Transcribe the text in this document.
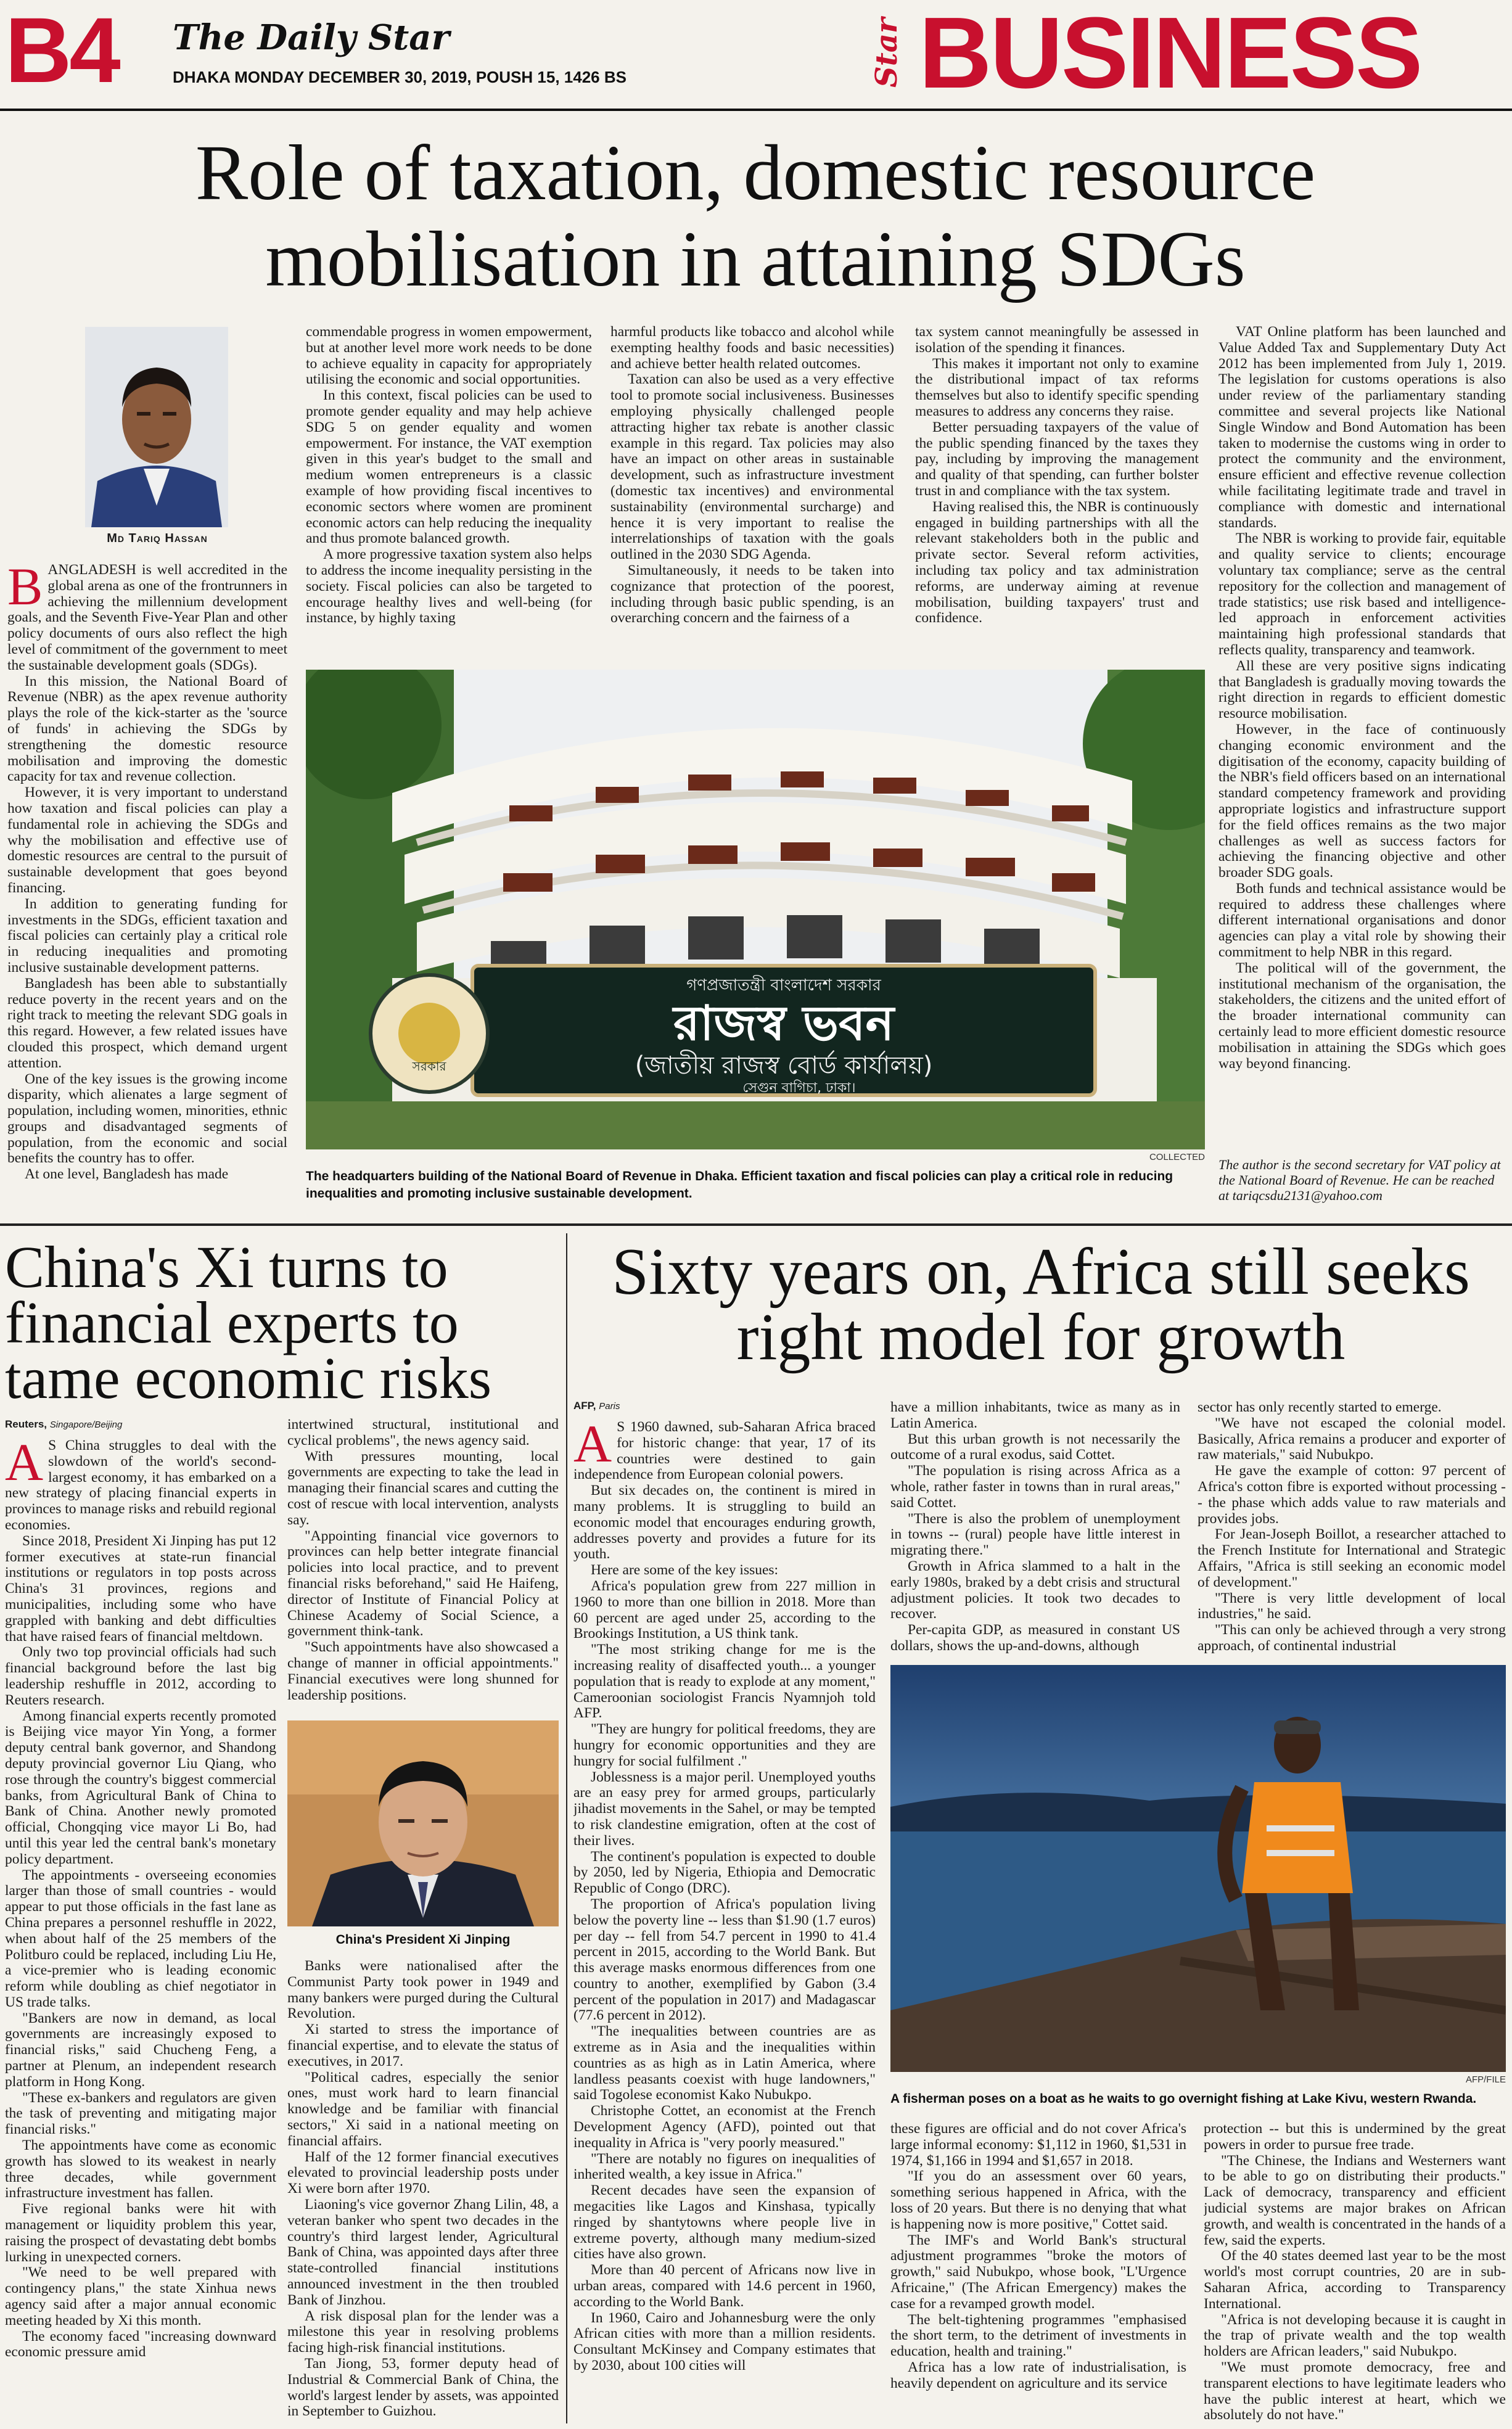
B4 The Daily Star
DHAKA MONDAY DECEMBER 30, 2019, POUSH 15, 1426 BS	Star BUSINESS
Role of taxation, domestic resource mobilisation in attaining SDGs
Md Tariq Hassan
B ANGLADESH is well accredited in the global arena as one of the frontrunners in achieving the millennium development goals, and the Seventh Five-Year Plan and other policy documents of ours also reflect the high level of commitment of the government to meet the sustainable development goals (SDGs).

In this mission, the National Board of Revenue (NBR) as the apex revenue authority plays the role of the kick-starter as the 'source of funds' in achieving the SDGs by strengthening the domestic resource mobilisation and improving the domestic capacity for tax and revenue collection.

However, it is very important to understand how taxation and fiscal policies can play a fundamental role in achieving the SDGs and why the mobilisation and effective use of domestic resources are central to the pursuit of sustainable development that goes beyond financing.

In addition to generating funding for investments in the SDGs, efficient taxation and fiscal policies can certainly play a critical role in reducing inequalities and promoting inclusive sustainable development patterns.

Bangladesh has been able to substantially reduce poverty in the recent years and on the right track to meeting the relevant SDG goals in this regard. However, a few related issues have clouded this prospect, which demand urgent attention.

One of the key issues is the growing income disparity, which alienates a large segment of population, including women, minorities, ethnic groups and disadvantaged segments of population, from the economic and social benefits the country has to offer.

At one level, Bangladesh has made

commendable progress in women empowerment, but at another level more work needs to be done to achieve equality in capacity for appropriately utilising the economic and social opportunities.

In this context, fiscal policies can be used to promote gender equality and may help achieve SDG 5 on gender equality and women empowerment. For instance, the VAT exemption given in this year's budget to the small and medium women entrepreneurs is a classic example of how providing fiscal incentives to economic sectors where women are prominent economic actors can help reducing the inequality and thus promote balanced growth.

A more progressive taxation system also helps to address the income inequality persisting in the society. Fiscal policies can also be targeted to encourage healthy lives and well-being (for instance, by highly taxing

harmful products like tobacco and alcohol while exempting healthy foods and basic necessities) and achieve better health related outcomes.

Taxation can also be used as a very effective tool to promote social inclusiveness. Businesses employing physically challenged people attracting higher tax rebate is another classic example in this regard. Tax policies may also have an impact on other areas in sustainable development, such as infrastructure investment (domestic tax incentives) and environmental sustainability (environmental surcharge) and hence it is very important to realise the interrelationships of taxation with the goals outlined in the 2030 SDG Agenda.

Simultaneously, it needs to be taken into cognizance that protection of the poorest, including through basic public spending, is an overarching concern and the fairness of a

tax system cannot meaningfully be assessed in isolation of the spending it finances.

This makes it important not only to examine the distributional impact of tax reforms themselves but also to identify specific spending measures to address any concerns they raise.

Better persuading taxpayers of the value of the public spending financed by the taxes they pay, including by improving the management and quality of that spending, can further bolster trust in and compliance with the tax system.

Having realised this, the NBR is continuously engaged in building partnerships with all the relevant stakeholders both in the public and private sector. Several reform activities, including tax policy and tax administration reforms, are underway aiming at revenue mobilisation, building taxpayers' trust and confidence.

VAT Online platform has been launched and Value Added Tax and Supplementary Duty Act 2012 has been implemented from July 1, 2019. The legislation for customs operations is also under review of the parliamentary standing committee and several projects like National Single Window and Bond Automation has been taken to modernise the customs wing in order to protect the community and the environment, ensure efficient and effective revenue collection while facilitating legitimate trade and travel in compliance with domestic and international standards.

The NBR is working to provide fair, equitable and quality service to clients; encourage voluntary tax compliance; serve as the central repository for the collection and management of trade statistics; use risk based and intelligence-led approach in enforcement activities maintaining high professional standards that reflects quality, transparency and teamwork.

All these are very positive signs indicating that Bangladesh is gradually moving towards the right direction in regards to efficient domestic resource mobilisation.

However, in the face of continuously changing economic environment and the digitisation of the economy, capacity building of the NBR's field officers based on an international standard competency framework and providing appropriate logistics and infrastructure support for the field offices remains as the two major challenges as well as success factors for achieving the financing objective and other broader SDG goals.

Both funds and technical assistance would be required to address these challenges where different international organisations and donor agencies can play a vital role by showing their commitment to help NBR in this regard.

The political will of the government, the institutional mechanism of the organisation, the stakeholders, the citizens and the united effort of the broader international community can certainly lead to more efficient domestic resource mobilisation in attaining the SDGs which goes way beyond financing.

The author is the second secretary for VAT policy at the National Board of Revenue. He can be reached at tariqcsdu2131@yahoo.com
সরকার
গণপ্রজাতন্ত্রী বাংলাদেশ সরকার
রাজস্ব ভবন
(জাতীয় রাজস্ব বোর্ড কার্যালয়)
সেগুন বাগিচা, ঢাকা।
COLLECTED
The headquarters building of the National Board of Revenue in Dhaka. Efficient taxation and fiscal policies can play a critical role in reducing inequalities and promoting inclusive sustainable development.
China's Xi turns to financial experts to tame economic risks
Reuters, Singapore/Beijing
A S China struggles to deal with the slowdown of the world's second-largest economy, it has embarked on a new strategy of placing financial experts in provinces to manage risks and rebuild regional economies.

Since 2018, President Xi Jinping has put 12 former executives at state-run financial institutions or regulators in top posts across China's 31 provinces, regions and municipalities, including some who have grappled with banking and debt difficulties that have raised fears of financial meltdown.

Only two top provincial officials had such financial background before the last big leadership reshuffle in 2012, according to Reuters research.

Among financial experts recently promoted is Beijing vice mayor Yin Yong, a former deputy central bank governor, and Shandong deputy provincial governor Liu Qiang, who rose through the country's biggest commercial banks, from Agricultural Bank of China to Bank of China. Another newly promoted official, Chongqing vice mayor Li Bo, had until this year led the central bank's monetary policy department.

The appointments - overseeing economies larger than those of small countries - would appear to put those officials in the fast lane as China prepares a personnel reshuffle in 2022, when about half of the 25 members of the Politburo could be replaced, including Liu He, a vice-premier who is leading economic reform while doubling as chief negotiator in US trade talks.

"Bankers are now in demand, as local governments are increasingly exposed to financial risks," said Chucheng Feng, a partner at Plenum, an independent research platform in Hong Kong.

"These ex-bankers and regulators are given the task of preventing and mitigating major financial risks."

The appointments have come as economic growth has slowed to its weakest in nearly three decades, while government infrastructure investment has fallen.

Five regional banks were hit with management or liquidity problem this year, raising the prospect of devastating debt bombs lurking in unexpected corners.

"We need to be well prepared with contingency plans," the state Xinhua news agency said after a major annual economic meeting headed by Xi this month.

The economy faced "increasing downward economic pressure amid

intertwined structural, institutional and cyclical problems", the news agency said.

With pressures mounting, local governments are expecting to take the lead in managing their financial scares and cutting the cost of rescue with local intervention, analysts say.

"Appointing financial vice governors to provinces can help better integrate financial policies into local practice, and to prevent financial risks beforehand," said He Haifeng, director of Institute of Financial Policy at Chinese Academy of Social Science, a government think-tank.

"Such appointments have also showcased a change of manner in official appointments." Financial executives were long shunned for leadership positions.

China's President Xi Jinping

Banks were nationalised after the Communist Party took power in 1949 and many bankers were purged during the Cultural Revolution.

Xi started to stress the importance of financial expertise, and to elevate the status of executives, in 2017.

"Political cadres, especially the senior ones, must work hard to learn financial knowledge and be familiar with financial sectors," Xi said in a national meeting on financial affairs.

Half of the 12 former financial executives elevated to provincial leadership posts under Xi were born after 1970.

Liaoning's vice governor Zhang Lilin, 48, a veteran banker who spent two decades in the country's third largest lender, Agricultural Bank of China, was appointed days after three state-controlled financial institutions announced investment in the then troubled Bank of Jinzhou.

A risk disposal plan for the lender was a milestone this year in resolving problems facing high-risk financial institutions.

Tan Jiong, 53, former deputy head of Industrial & Commercial Bank of China, the world's largest lender by assets, was appointed in September to Guizhou.

Sixty years on, Africa still seeks right model for growth
AFP, Paris
A S 1960 dawned, sub-Saharan Africa braced for historic change: that year, 17 of its countries were destined to gain independence from European colonial powers.

But six decades on, the continent is mired in many problems. It is struggling to build an economic model that encourages enduring growth, addresses poverty and provides a future for its youth.

Here are some of the key issues:

Africa's population grew from 227 million in 1960 to more than one billion in 2018. More than 60 percent are aged under 25, according to the Brookings Institution, a US think tank.

"The most striking change for me is the increasing reality of disaffected youth... a younger population that is ready to explode at any moment," Cameroonian sociologist Francis Nyamnjoh told AFP.

"They are hungry for political freedoms, they are hungry for economic opportunities and they are hungry for social fulfilment ."

Joblessness is a major peril. Unemployed youths are an easy prey for armed groups, particularly jihadist movements in the Sahel, or may be tempted to risk clandestine emigration, often at the cost of their lives.

The continent's population is expected to double by 2050, led by Nigeria, Ethiopia and Democratic Republic of Congo (DRC).

The proportion of Africa's population living below the poverty line -- less than $1.90 (1.7 euros) per day -- fell from 54.7 percent in 1990 to 41.4 percent in 2015, according to the World Bank. But this average masks enormous differences from one country to another, exemplified by Gabon (3.4 percent of the population in 2017) and Madagascar (77.6 percent in 2012).

"The inequalities between countries are as extreme as in Asia and the inequalities within countries as as high as in Latin America, where landless peasants coexist with huge landowners," said Togolese economist Kako Nubukpo.

Christophe Cottet, an economist at the French Development Agency (AFD), pointed out that inequality in Africa is "very poorly measured."

"There are notably no figures on inequalities of inherited wealth, a key issue in Africa."

Recent decades have seen the expansion of megacities like Lagos and Kinshasa, typically ringed by shantytowns where people live in extreme poverty, although many medium-sized cities have also grown.

More than 40 percent of Africans now live in urban areas, compared with 14.6 percent in 1960, according to the World Bank.

In 1960, Cairo and Johannesburg were the only African cities with more than a million residents. Consultant McKinsey and Company estimates that by 2030, about 100 cities will

have a million inhabitants, twice as many as in Latin America.

But this urban growth is not necessarily the outcome of a rural exodus, said Cottet.

"The population is rising across Africa as a whole, rather faster in towns than in rural areas," said Cottet.

"There is also the problem of unemployment in towns -- (rural) people have little interest in migrating there."

Growth in Africa slammed to a halt in the early 1980s, braked by a debt crisis and structural adjustment policies. It took two decades to recover.

Per-capita GDP, as measured in constant US dollars, shows the up-and-downs, although

sector has only recently started to emerge.

"We have not escaped the colonial model. Basically, Africa remains a producer and exporter of raw materials," said Nubukpo.

He gave the example of cotton: 97 percent of Africa's cotton fibre is exported without processing -- the phase which adds value to raw materials and provides jobs.

For Jean-Joseph Boillot, a researcher attached to the French Institute for International and Strategic Affairs, "Africa is still seeking an economic model of development."

"There is very little development of local industries," he said.

"This can only be achieved through a very strong approach, of continental industrial

AFP/FILE
A fisherman poses on a boat as he waits to go overnight fishing at Lake Kivu, western Rwanda.

these figures are official and do not cover Africa's large informal economy: $1,112 in 1960, $1,531 in 1974, $1,166 in 1994 and $1,657 in 2018.

"If you do an assessment over 60 years, something serious happened in Africa, with the loss of 20 years. But there is no denying that what is happening now is more positive," Cottet said.

The IMF's and World Bank's structural adjustment programmes "broke the motors of growth," said Nubukpo, whose book, "L'Urgence Africaine," (The African Emergency) makes the case for a revamped growth model.

The belt-tightening programmes "emphasised the short term, to the detriment of investments in education, health and training."

Africa has a low rate of industrialisation, is heavily dependent on agriculture and its service

protection -- but this is undermined by the great powers in order to pursue free trade.

"The Chinese, the Indians and Westerners want to be able to go on distributing their products." Lack of democracy, transparency and efficient judicial systems are major brakes on African growth, and wealth is concentrated in the hands of a few, said the experts.

Of the 40 states deemed last year to be the most world's most corrupt countries, 20 are in sub-Saharan Africa, according to Transparency International.

"Africa is not developing because it is caught in the trap of private wealth and the top wealth holders are African leaders," said Nubukpo.

"We must promote democracy, free and transparent elections to have legitimate leaders who have the public interest at heart, which we absolutely do not have."
